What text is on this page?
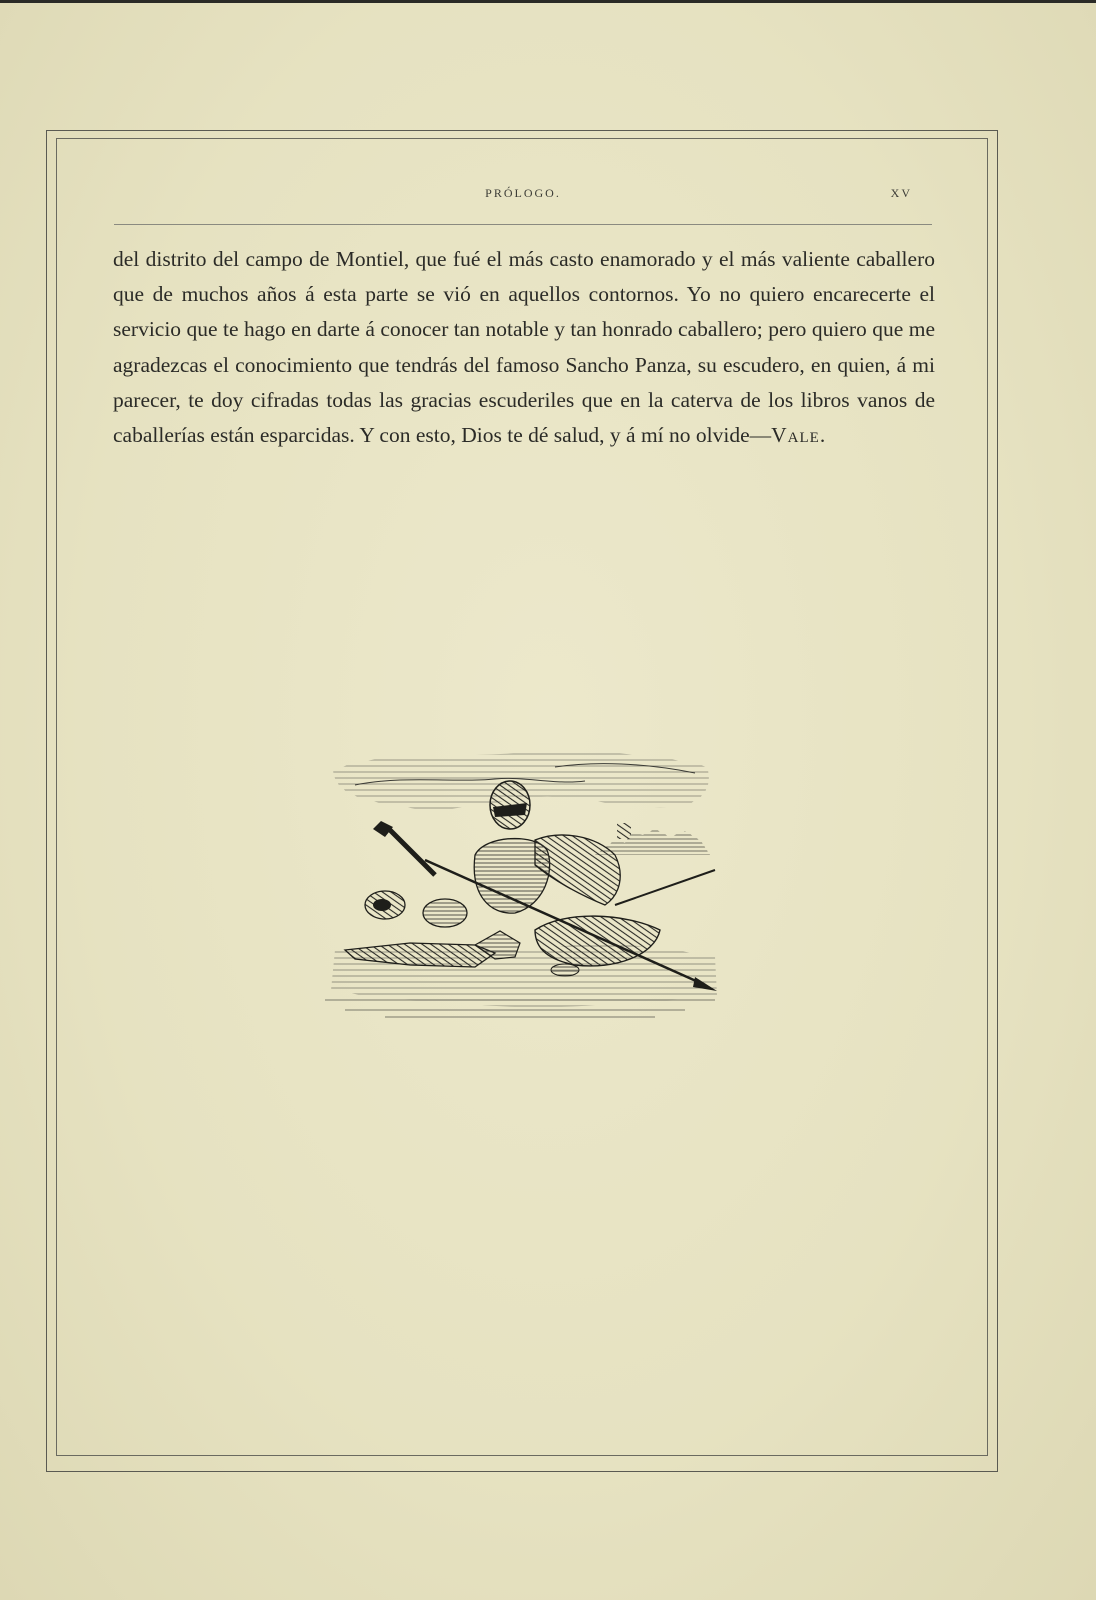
PRÓLOGO.	XV

del distrito del campo de Montiel, que fué el más casto enamorado y el más valiente caballero que de muchos años á esta parte se vió en aquellos contornos. Yo no quiero encarecerte el servicio que te hago en darte á conocer tan notable y tan honrado caballero; pero quiero que me agradezcas el conocimiento que tendrás del famoso Sancho Panza, su escudero, en quien, á mi parecer, te doy cifradas todas las gracias escuderiles que en la caterva de los libros vanos de caballerías están esparcidas. Y con esto, Dios te dé salud, y á mí no olvide—Vale.
